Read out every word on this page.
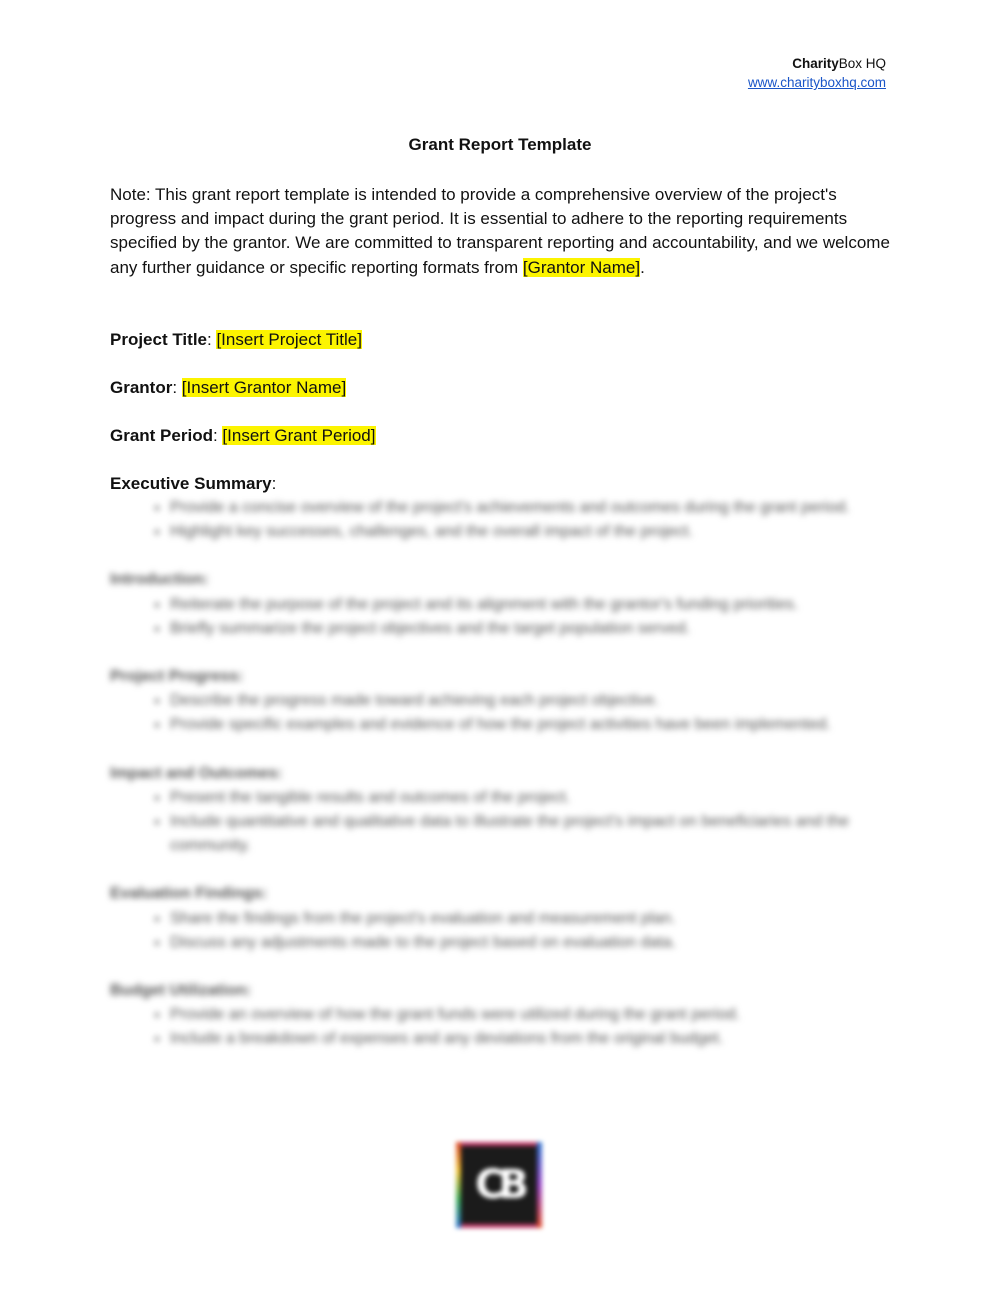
CharityBox HQ
www.charityboxhq.com
Grant Report Template
Note: This grant report template is intended to provide a comprehensive overview of the project's progress and impact during the grant period. It is essential to adhere to the reporting requirements specified by the grantor. We are committed to transparent reporting and accountability, and we welcome any further guidance or specific reporting formats from [Grantor Name].
Project Title: [Insert Project Title]
Grantor: [Insert Grantor Name]
Grant Period: [Insert Grant Period]
Executive Summary:
• Provide a concise overview of the project's achievements and outcomes during the grant period.
• Highlight key successes, challenges, and the overall impact of the project.
Introduction:
• Reiterate the purpose of the project and its alignment with the grantor's funding priorities.
• Briefly summarize the project objectives and the target population served.
Project Progress:
• Describe the progress made toward achieving each project objective.
• Provide specific examples and evidence of how the project activities have been implemented.
Impact and Outcomes:
• Present the tangible results and outcomes of the project.
• Include quantitative and qualitative data to illustrate the project's impact on beneficiaries and the community.
Evaluation Findings:
• Share the findings from the project's evaluation and measurement plan.
• Discuss any adjustments made to the project based on evaluation data.
Budget Utilization:
• Provide an overview of how the grant funds were utilized during the grant period.
• Include a breakdown of expenses and any deviations from the original budget.
CB
